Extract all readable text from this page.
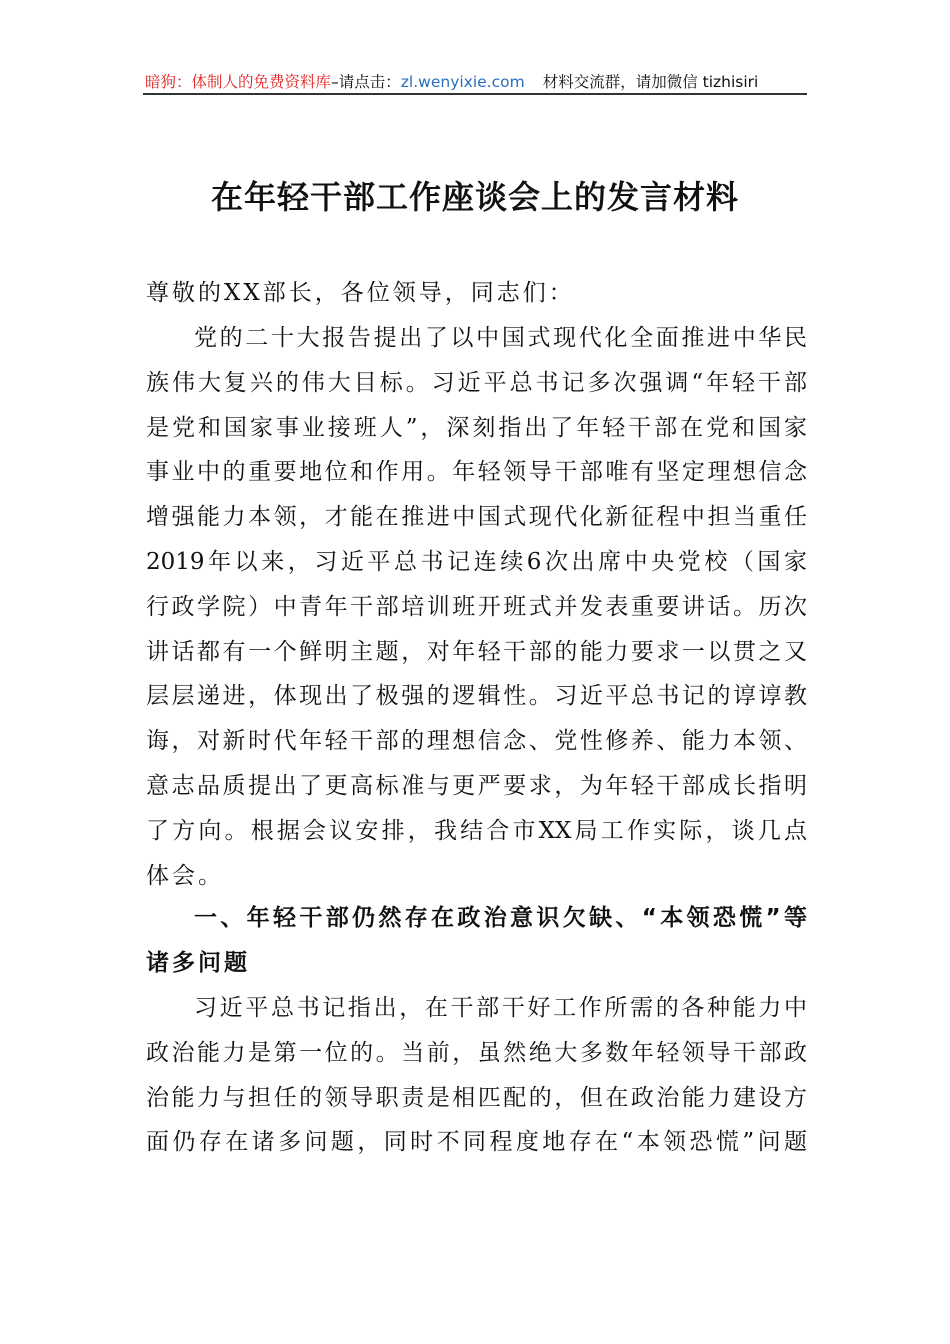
暗狗：体制人的免费资料库–请点击：zl.wenyixie.com 材料交流群，请加微信 tizhisiri
在年轻干部工作座谈会上的发言材料
尊敬的XX部长，各位领导，同志们：
党的二十大报告提出了以中国式现代化全面推进中华民
族伟大复兴的伟大目标。习近平总书记多次强调“年轻干部
是党和国家事业接班人”，深刻指出了年轻干部在党和国家
事业中的重要地位和作用。年轻领导干部唯有坚定理想信念
增强能力本领，才能在推进中国式现代化新征程中担当重任
2019年以来，习近平总书记连续6次出席中央党校（国家
行政学院）中青年干部培训班开班式并发表重要讲话。历次
讲话都有一个鲜明主题，对年轻干部的能力要求一以贯之又
层层递进，体现出了极强的逻辑性。习近平总书记的谆谆教
诲，对新时代年轻干部的理想信念、党性修养、能力本领、
意志品质提出了更高标准与更严要求，为年轻干部成长指明
了方向。根据会议安排，我结合市XX局工作实际，谈几点
体会。
一、年轻干部仍然存在政治意识欠缺、“本领恐慌”等
诸多问题
习近平总书记指出，在干部干好工作所需的各种能力中
政治能力是第一位的。当前，虽然绝大多数年轻领导干部政
治能力与担任的领导职责是相匹配的，但在政治能力建设方
面仍存在诸多问题，同时不同程度地存在“本领恐慌”问题
